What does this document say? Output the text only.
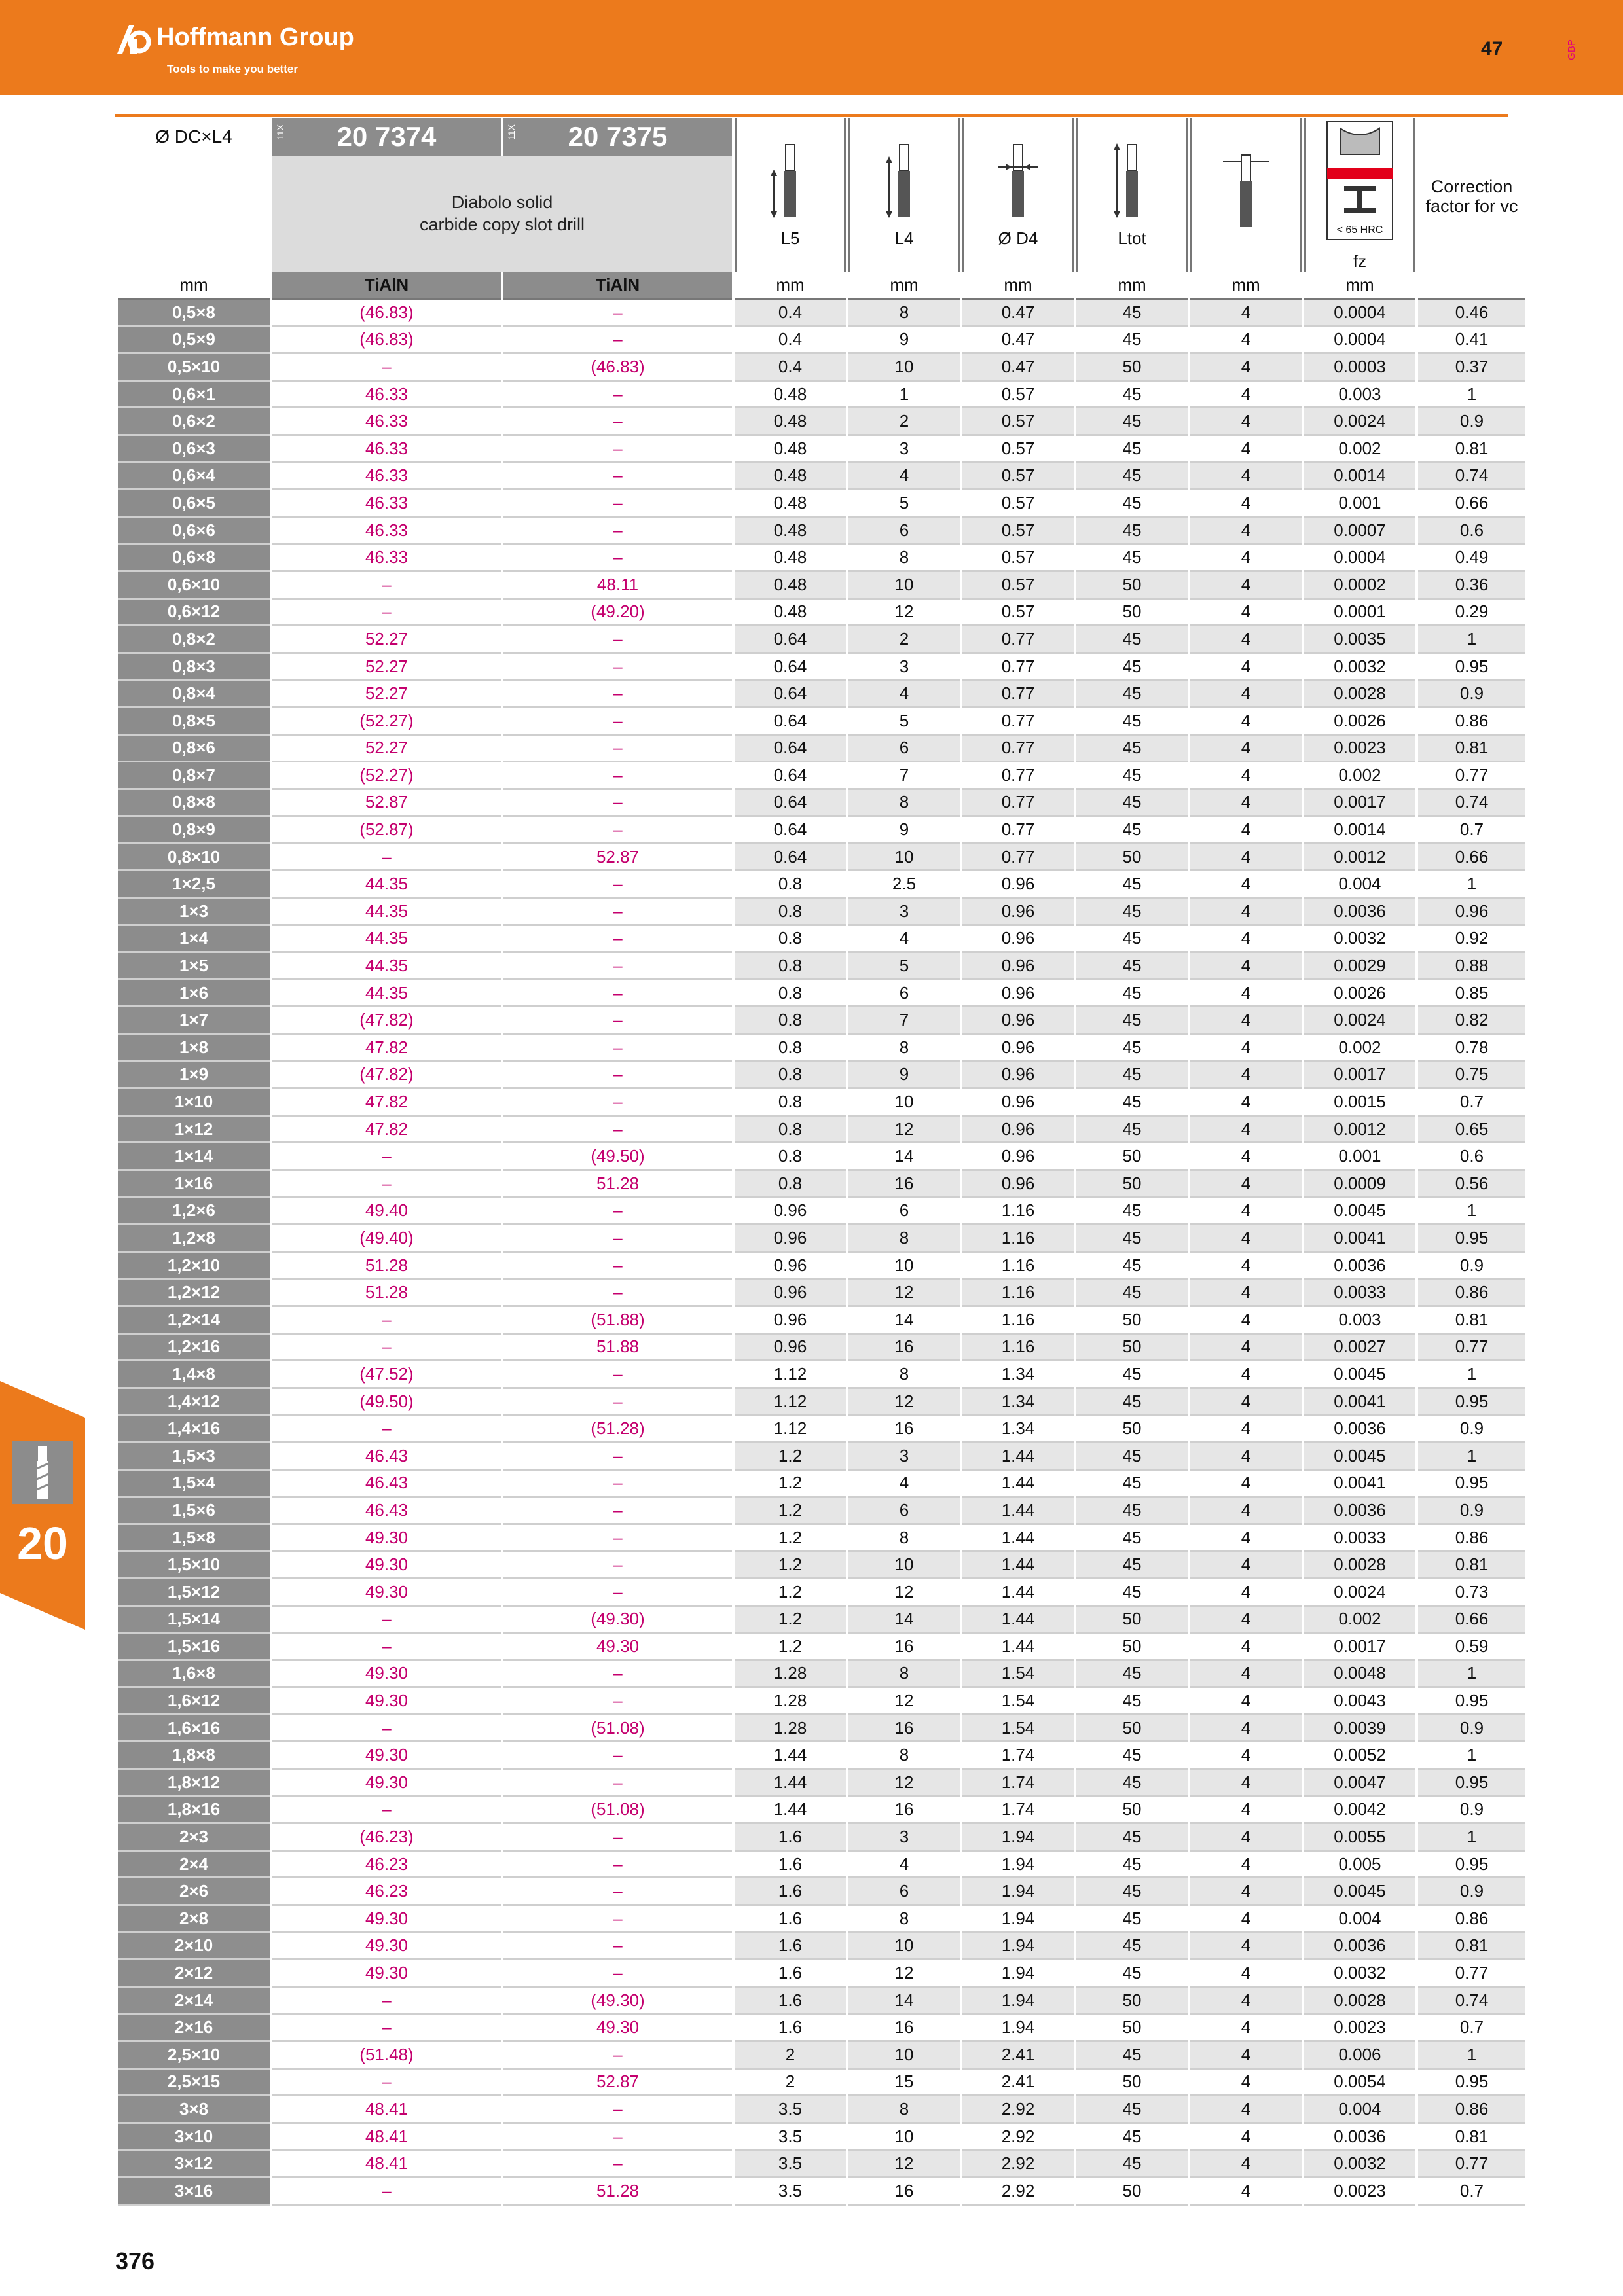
Hoffmann Group
Tools to make you better
47	GBP
Ø DC×L4	11X 20 7374	11X 20 7375	L5	L4	Ø D4	Ltot		< 65 HRC
fz	Correction
factor for vc
	Diabolo solid
carbide copy slot drill								
mm	TiAlN	TiAlN	mm	mm	mm	mm	mm	mm	
0,5×8	(46.83)	–	0.4	8	0.47	45	4	0.0004	0.46
0,5×9	(46.83)	–	0.4	9	0.47	45	4	0.0004	0.41
0,5×10	–	(46.83)	0.4	10	0.47	50	4	0.0003	0.37
0,6×1	46.33	–	0.48	1	0.57	45	4	0.003	1
0,6×2	46.33	–	0.48	2	0.57	45	4	0.0024	0.9
0,6×3	46.33	–	0.48	3	0.57	45	4	0.002	0.81
0,6×4	46.33	–	0.48	4	0.57	45	4	0.0014	0.74
0,6×5	46.33	–	0.48	5	0.57	45	4	0.001	0.66
0,6×6	46.33	–	0.48	6	0.57	45	4	0.0007	0.6
0,6×8	46.33	–	0.48	8	0.57	45	4	0.0004	0.49
0,6×10	–	48.11	0.48	10	0.57	50	4	0.0002	0.36
0,6×12	–	(49.20)	0.48	12	0.57	50	4	0.0001	0.29
0,8×2	52.27	–	0.64	2	0.77	45	4	0.0035	1
0,8×3	52.27	–	0.64	3	0.77	45	4	0.0032	0.95
0,8×4	52.27	–	0.64	4	0.77	45	4	0.0028	0.9
0,8×5	(52.27)	–	0.64	5	0.77	45	4	0.0026	0.86
0,8×6	52.27	–	0.64	6	0.77	45	4	0.0023	0.81
0,8×7	(52.27)	–	0.64	7	0.77	45	4	0.002	0.77
0,8×8	52.87	–	0.64	8	0.77	45	4	0.0017	0.74
0,8×9	(52.87)	–	0.64	9	0.77	45	4	0.0014	0.7
0,8×10	–	52.87	0.64	10	0.77	50	4	0.0012	0.66
1×2,5	44.35	–	0.8	2.5	0.96	45	4	0.004	1
1×3	44.35	–	0.8	3	0.96	45	4	0.0036	0.96
1×4	44.35	–	0.8	4	0.96	45	4	0.0032	0.92
1×5	44.35	–	0.8	5	0.96	45	4	0.0029	0.88
1×6	44.35	–	0.8	6	0.96	45	4	0.0026	0.85
1×7	(47.82)	–	0.8	7	0.96	45	4	0.0024	0.82
1×8	47.82	–	0.8	8	0.96	45	4	0.002	0.78
1×9	(47.82)	–	0.8	9	0.96	45	4	0.0017	0.75
1×10	47.82	–	0.8	10	0.96	45	4	0.0015	0.7
1×12	47.82	–	0.8	12	0.96	45	4	0.0012	0.65
1×14	–	(49.50)	0.8	14	0.96	50	4	0.001	0.6
1×16	–	51.28	0.8	16	0.96	50	4	0.0009	0.56
1,2×6	49.40	–	0.96	6	1.16	45	4	0.0045	1
1,2×8	(49.40)	–	0.96	8	1.16	45	4	0.0041	0.95
1,2×10	51.28	–	0.96	10	1.16	45	4	0.0036	0.9
1,2×12	51.28	–	0.96	12	1.16	45	4	0.0033	0.86
1,2×14	–	(51.88)	0.96	14	1.16	50	4	0.003	0.81
1,2×16	–	51.88	0.96	16	1.16	50	4	0.0027	0.77
1,4×8	(47.52)	–	1.12	8	1.34	45	4	0.0045	1
1,4×12	(49.50)	–	1.12	12	1.34	45	4	0.0041	0.95
1,4×16	–	(51.28)	1.12	16	1.34	50	4	0.0036	0.9
1,5×3	46.43	–	1.2	3	1.44	45	4	0.0045	1
1,5×4	46.43	–	1.2	4	1.44	45	4	0.0041	0.95
1,5×6	46.43	–	1.2	6	1.44	45	4	0.0036	0.9
1,5×8	49.30	–	1.2	8	1.44	45	4	0.0033	0.86
1,5×10	49.30	–	1.2	10	1.44	45	4	0.0028	0.81
1,5×12	49.30	–	1.2	12	1.44	45	4	0.0024	0.73
1,5×14	–	(49.30)	1.2	14	1.44	50	4	0.002	0.66
1,5×16	–	49.30	1.2	16	1.44	50	4	0.0017	0.59
1,6×8	49.30	–	1.28	8	1.54	45	4	0.0048	1
1,6×12	49.30	–	1.28	12	1.54	45	4	0.0043	0.95
1,6×16	–	(51.08)	1.28	16	1.54	50	4	0.0039	0.9
1,8×8	49.30	–	1.44	8	1.74	45	4	0.0052	1
1,8×12	49.30	–	1.44	12	1.74	45	4	0.0047	0.95
1,8×16	–	(51.08)	1.44	16	1.74	50	4	0.0042	0.9
2×3	(46.23)	–	1.6	3	1.94	45	4	0.0055	1
2×4	46.23	–	1.6	4	1.94	45	4	0.005	0.95
2×6	46.23	–	1.6	6	1.94	45	4	0.0045	0.9
2×8	49.30	–	1.6	8	1.94	45	4	0.004	0.86
2×10	49.30	–	1.6	10	1.94	45	4	0.0036	0.81
2×12	49.30	–	1.6	12	1.94	45	4	0.0032	0.77
2×14	–	(49.30)	1.6	14	1.94	50	4	0.0028	0.74
2×16	–	49.30	1.6	16	1.94	50	4	0.0023	0.7
2,5×10	(51.48)	–	2	10	2.41	45	4	0.006	1
2,5×15	–	52.87	2	15	2.41	50	4	0.0054	0.95
3×8	48.41	–	3.5	8	2.92	45	4	0.004	0.86
3×10	48.41	–	3.5	10	2.92	45	4	0.0036	0.81
3×12	48.41	–	3.5	12	2.92	45	4	0.0032	0.77
3×16	–	51.28	3.5	16	2.92	50	4	0.0023	0.7
20
376
